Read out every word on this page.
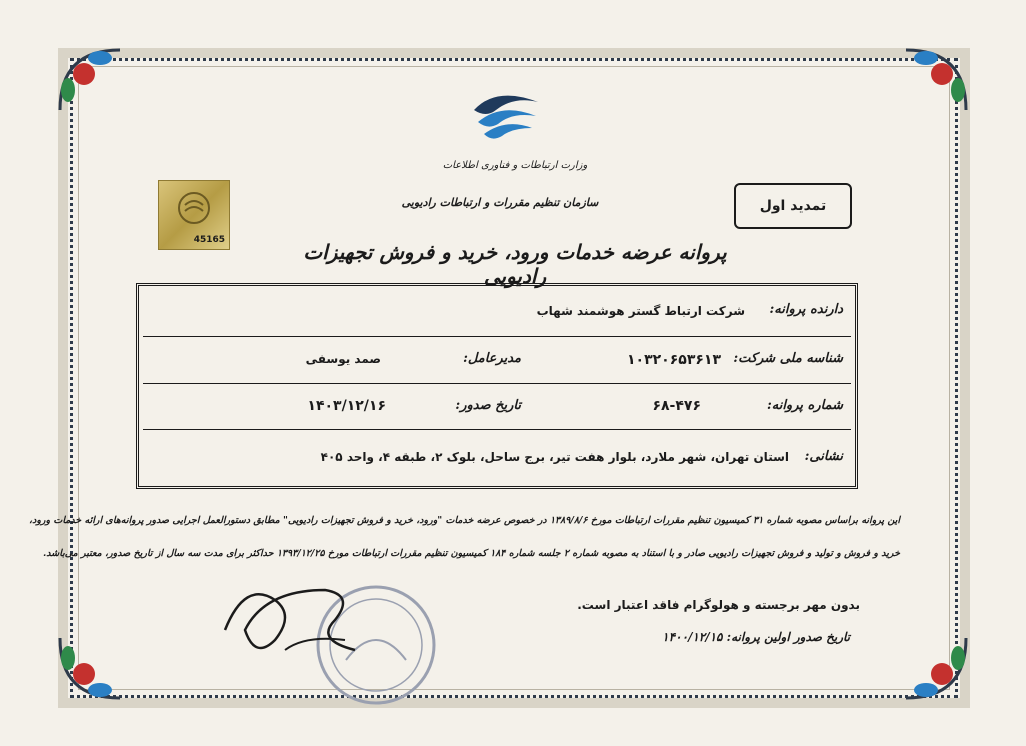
وزارت ارتباطات و فناوری اطلاعات
سازمان تنظیم مقررات و ارتباطات رادیویی
45165
تمدید اول
پروانه عرضه خدمات ورود، خرید و فروش تجهیزات رادیویی
دارنده پروانه:
شرکت ارتباط گستر هوشمند شهاب
شناسه ملی شرکت:
۱۰۳۲۰۶۵۳۶۱۳
مدیرعامل:
صمد یوسفی
شماره پروانه:
۶۸-۴۷۶
تاریخ صدور:
۱۴۰۳/۱۲/۱۶
نشانی:
استان تهران، شهر ملارد، بلوار هفت تیر، برج ساحل، بلوک ۲، طبقه ۴، واحد ۴۰۵
این پروانه براساس مصوبه شماره ۳۱ کمیسیون تنظیم مقررات ارتباطات مورخ ۱۳۸۹/۸/۶ در خصوص عرضه خدمات "ورود، خرید و فروش تجهیزات رادیویی" مطابق دستورالعمل اجرایی صدور پروانه‌های ارائه خدمات ورود،
خرید و فروش و تولید و فروش تجهیزات رادیویی صادر و با استناد به مصوبه شماره ۲ جلسه شماره ۱۸۴ کمیسیون تنظیم مقررات ارتباطات مورخ ۱۳۹۳/۱۲/۲۵ حداکثر برای مدت سه سال از تاریخ صدور، معتبر می‌باشد.
بدون مهر برجسته و هولوگرام فاقد اعتبار است.
تاریخ صدور اولین پروانه: ۱۴۰۰/۱۲/۱۵
